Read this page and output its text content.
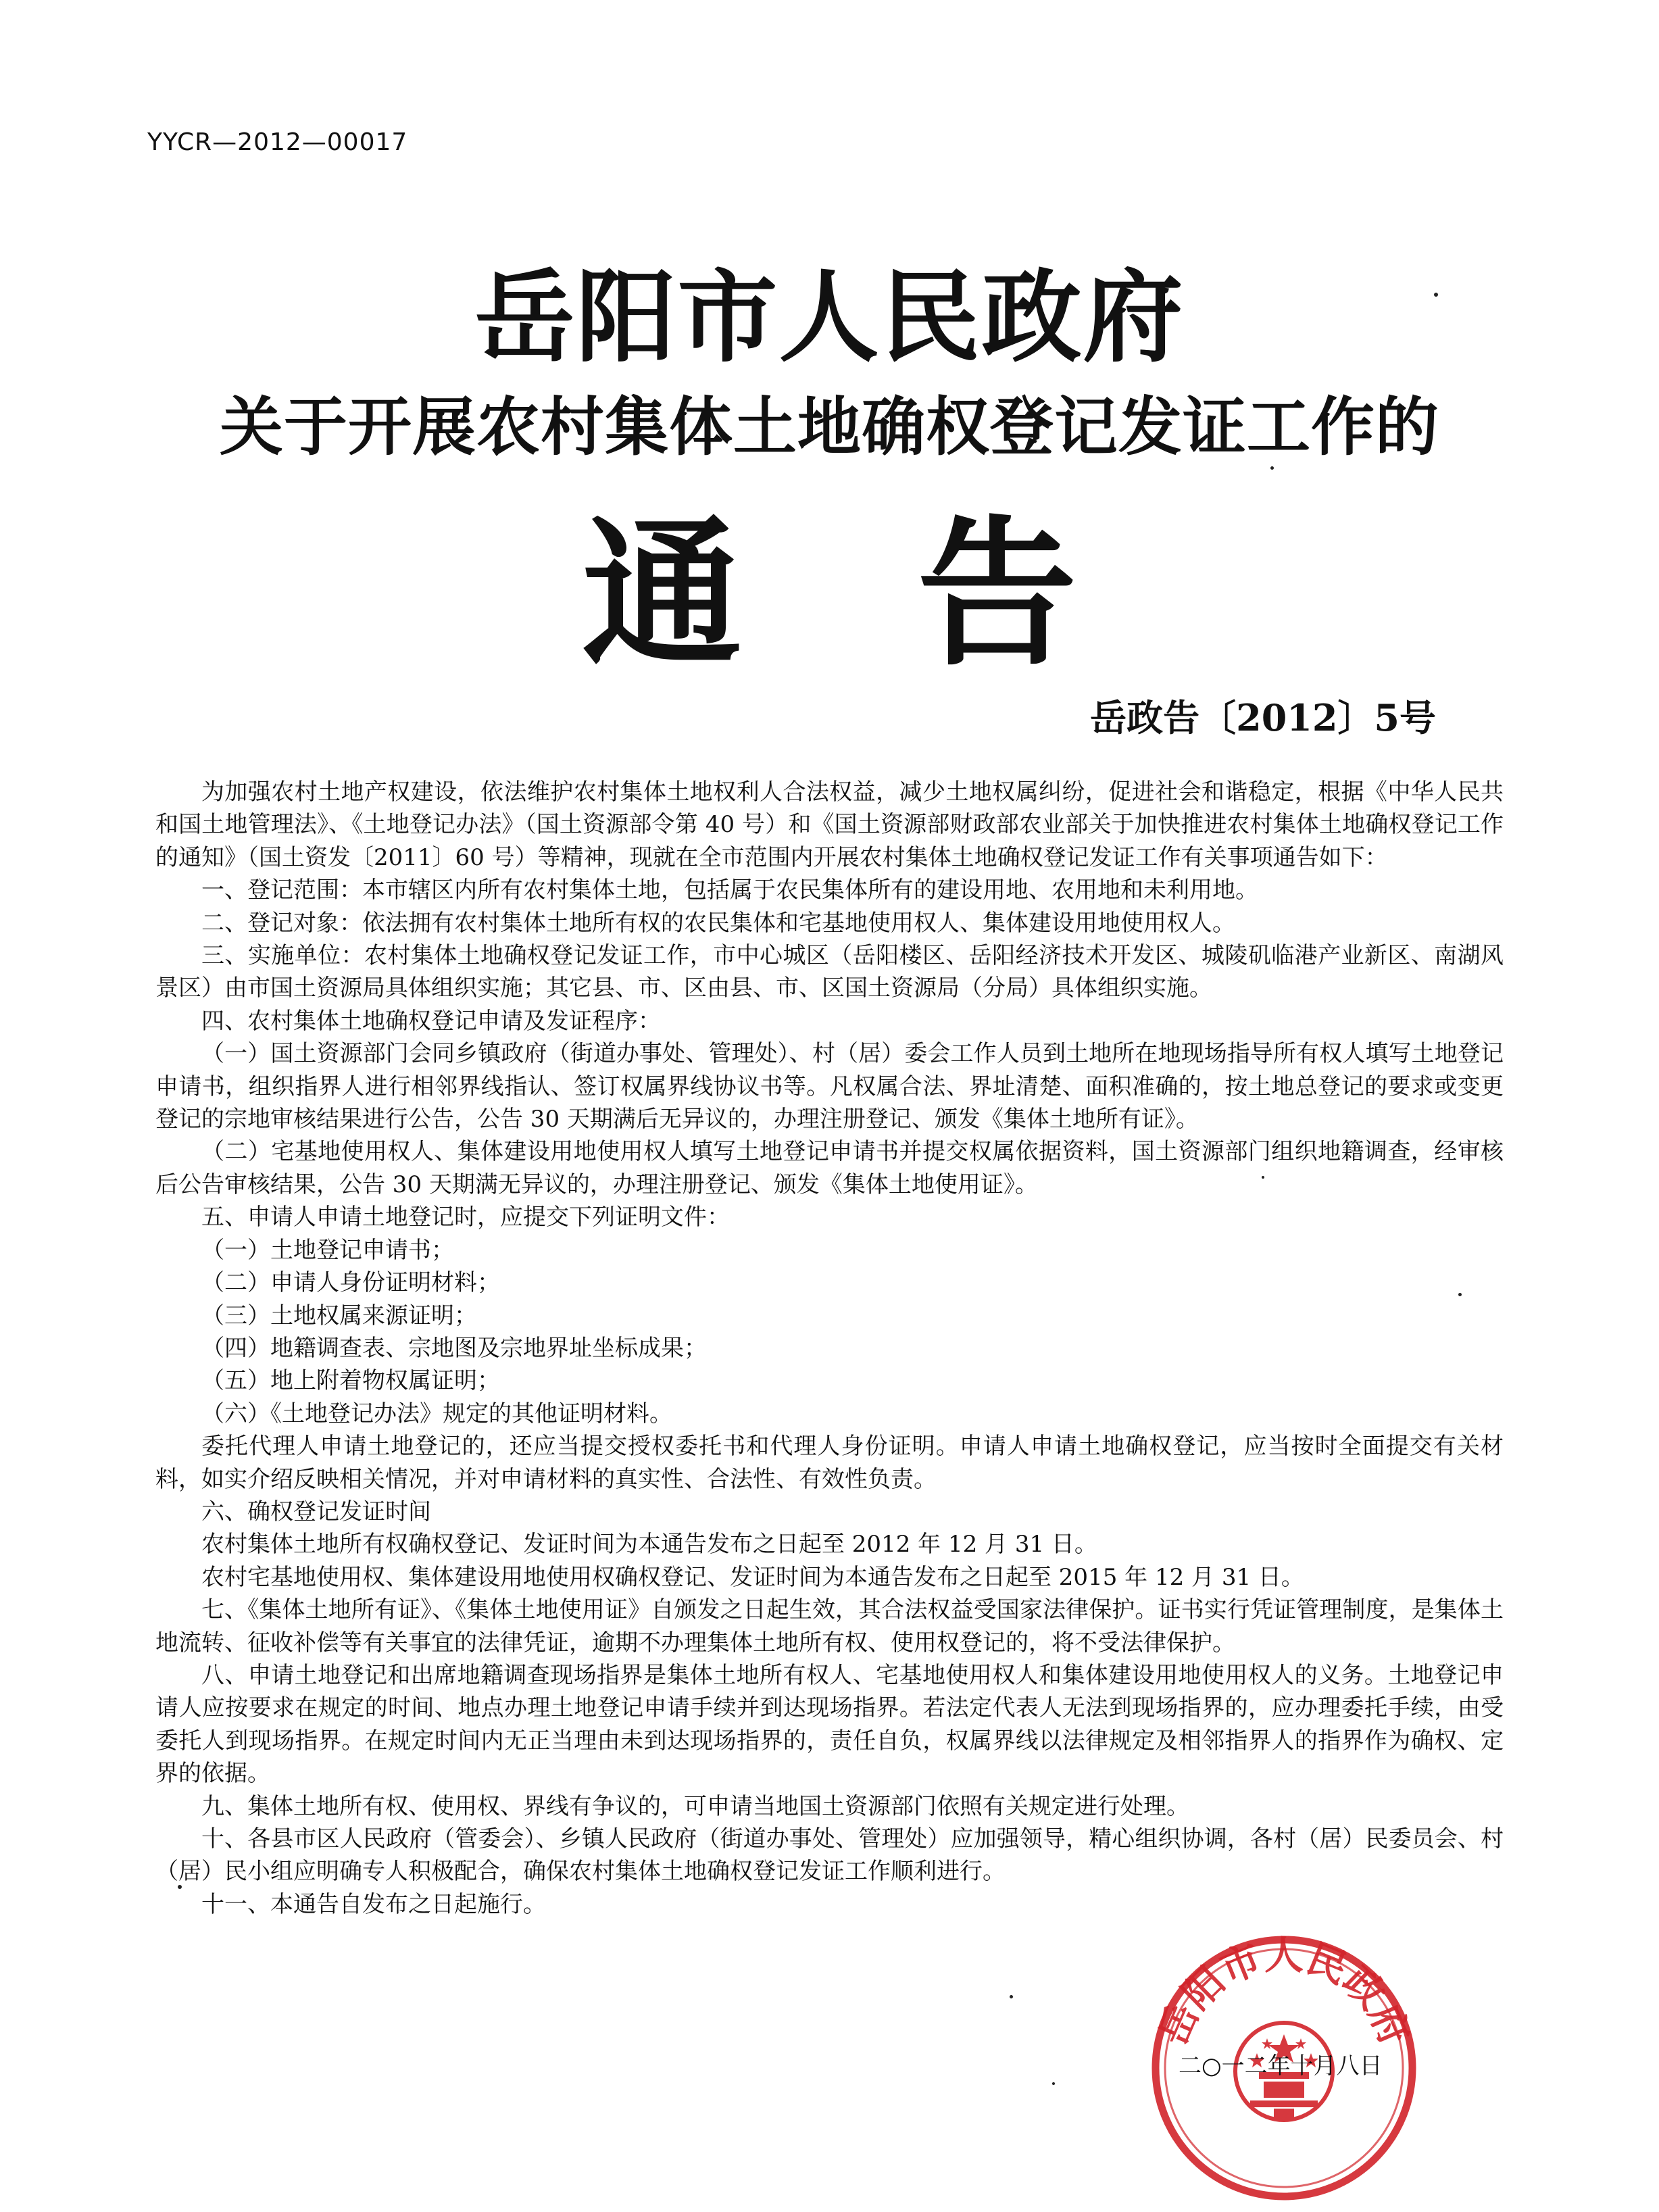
YYCR—2012—00017
岳阳市人民政府
关于开展农村集体土地确权登记发证工作的
通告
岳政告〔2012〕5号

为加强农村土地产权建设，依法维护农村集体土地权利人合法权益，减少土地权属纠纷，促进社会和谐稳定，根据《中华人民共和国土地管理法》、《土地登记办法》（国土资源部令第 40 号）和《国土资源部财政部农业部关于加快推进农村集体土地确权登记工作的通知》（国土资发〔2011〕60 号）等精神，现就在全市范围内开展农村集体土地确权登记发证工作有关事项通告如下：

一、登记范围：本市辖区内所有农村集体土地，包括属于农民集体所有的建设用地、农用地和未利用地。

二、登记对象：依法拥有农村集体土地所有权的农民集体和宅基地使用权人、集体建设用地使用权人。

三、实施单位：农村集体土地确权登记发证工作，市中心城区（岳阳楼区、岳阳经济技术开发区、城陵矶临港产业新区、南湖风景区）由市国土资源局具体组织实施；其它县、市、区由县、市、区国土资源局（分局）具体组织实施。

四、农村集体土地确权登记申请及发证程序：

（一）国土资源部门会同乡镇政府（街道办事处、管理处）、村（居）委会工作人员到土地所在地现场指导所有权人填写土地登记申请书，组织指界人进行相邻界线指认、签订权属界线协议书等。凡权属合法、界址清楚、面积准确的，按土地总登记的要求或变更登记的宗地审核结果进行公告，公告 30 天期满后无异议的，办理注册登记、颁发《集体土地所有证》。

（二）宅基地使用权人、集体建设用地使用权人填写土地登记申请书并提交权属依据资料，国土资源部门组织地籍调查，经审核后公告审核结果，公告 30 天期满无异议的，办理注册登记、颁发《集体土地使用证》。

五、申请人申请土地登记时，应提交下列证明文件：

（一）土地登记申请书；

（二）申请人身份证明材料；

（三）土地权属来源证明；

（四）地籍调查表、宗地图及宗地界址坐标成果；

（五）地上附着物权属证明；

（六）《土地登记办法》规定的其他证明材料。

委托代理人申请土地登记的，还应当提交授权委托书和代理人身份证明。申请人申请土地确权登记，应当按时全面提交有关材料，如实介绍反映相关情况，并对申请材料的真实性、合法性、有效性负责。

六、确权登记发证时间

农村集体土地所有权确权登记、发证时间为本通告发布之日起至 2012 年 12 月 31 日。

农村宅基地使用权、集体建设用地使用权确权登记、发证时间为本通告发布之日起至 2015 年 12 月 31 日。

七、《集体土地所有证》、《集体土地使用证》自颁发之日起生效，其合法权益受国家法律保护。证书实行凭证管理制度，是集体土地流转、征收补偿等有关事宜的法律凭证，逾期不办理集体土地所有权、使用权登记的，将不受法律保护。

八、申请土地登记和出席地籍调查现场指界是集体土地所有权人、宅基地使用权人和集体建设用地使用权人的义务。土地登记申请人应按要求在规定的时间、地点办理土地登记申请手续并到达现场指界。若法定代表人无法到现场指界的，应办理委托手续，由受委托人到现场指界。在规定时间内无正当理由未到达现场指界的，责任自负，权属界线以法律规定及相邻指界人的指界作为确权、定界的依据。

九、集体土地所有权、使用权、界线有争议的，可申请当地国土资源部门依照有关规定进行处理。

十、各县市区人民政府（管委会）、乡镇人民政府（街道办事处、管理处）应加强领导，精心组织协调，各村（居）民委员会、村（居）民小组应明确专人积极配合，确保农村集体土地确权登记发证工作顺利进行。

十一、本通告自发布之日起施行。

岳阳市人民政府
二○一二年十月八日
